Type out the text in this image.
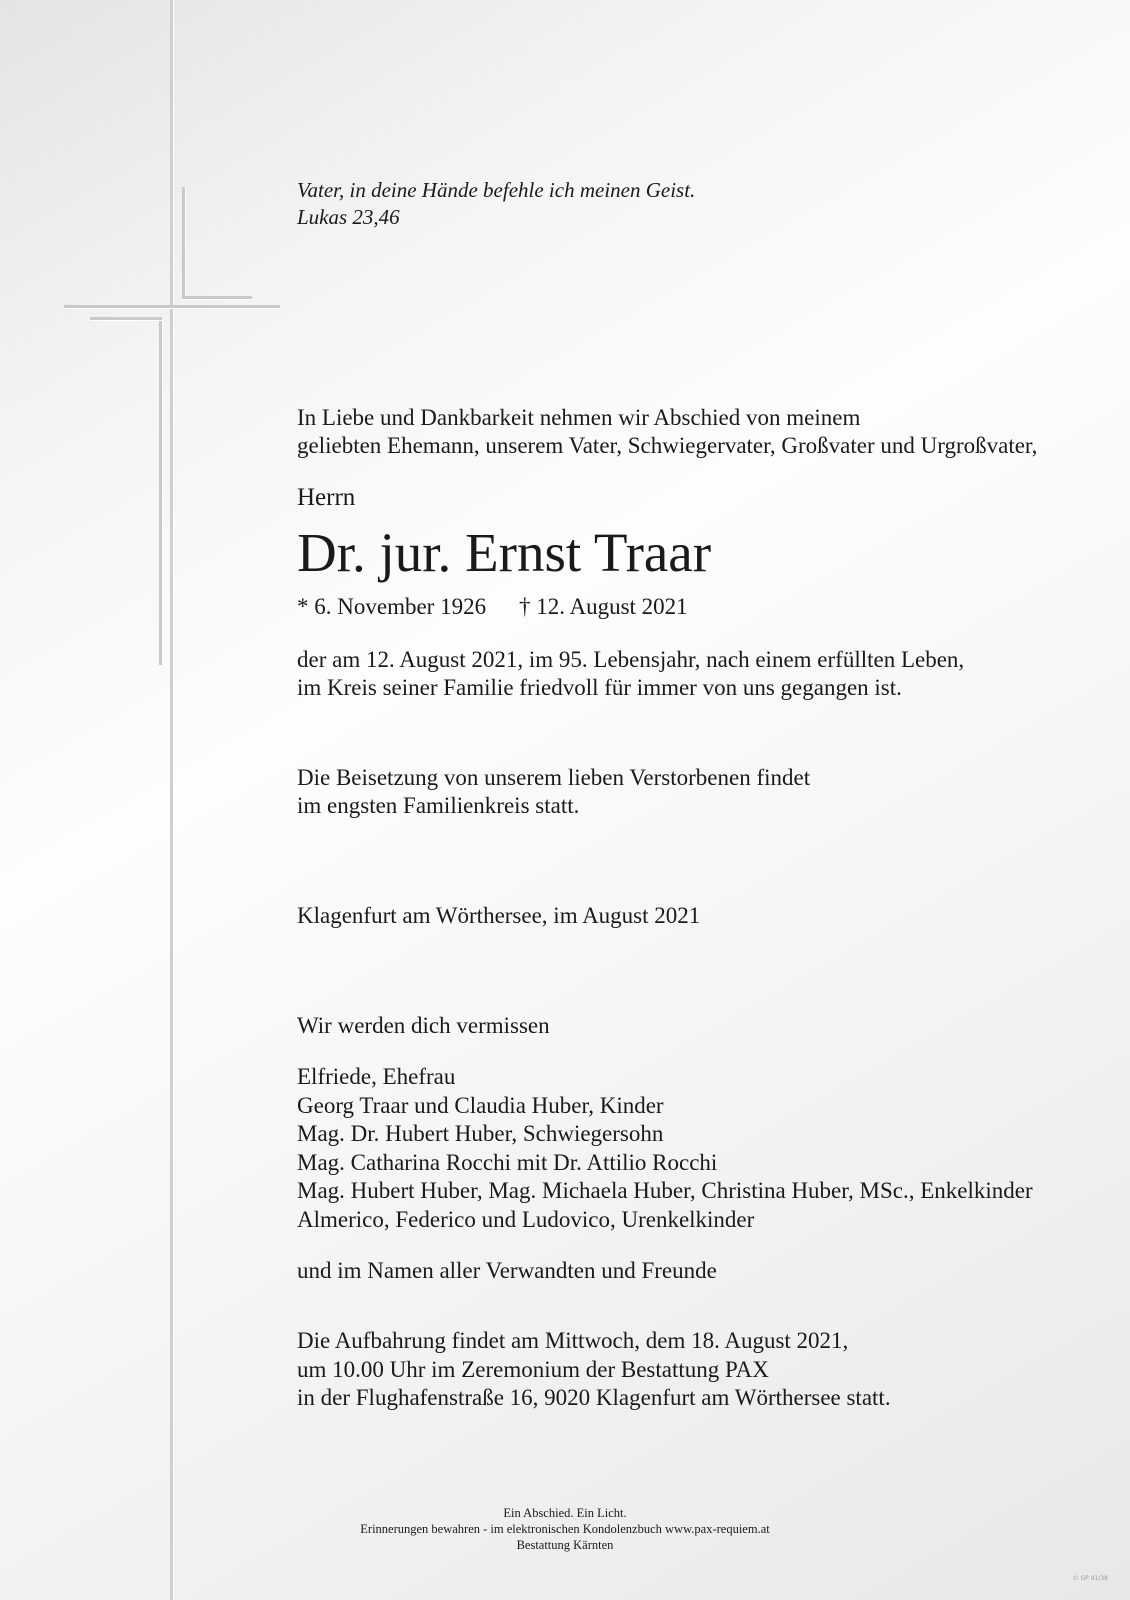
Vater, in deine Hände befehle ich meinen Geist.
Lukas 23,46
In Liebe und Dankbarkeit nehmen wir Abschied von meinem
geliebten Ehemann, unserem Vater, Schwiegervater, Großvater und Urgroßvater,
Herrn
Dr. jur. Ernst Traar
* 6. November 1926 † 12. August 2021
der am 12. August 2021, im 95. Lebensjahr, nach einem erfüllten Leben,
im Kreis seiner Familie friedvoll für immer von uns gegangen ist.
Die Beisetzung von unserem lieben Verstorbenen findet
im engsten Familienkreis statt.
Klagenfurt am Wörthersee, im August 2021
Wir werden dich vermissen
Elfriede, Ehefrau
Georg Traar und Claudia Huber, Kinder
Mag. Dr. Hubert Huber, Schwiegersohn
Mag. Catharina Rocchi mit Dr. Attilio Rocchi
Mag. Hubert Huber, Mag. Michaela Huber, Christina Huber, MSc., Enkelkinder
Almerico, Federico und Ludovico, Urenkelkinder
und im Namen aller Verwandten und Freunde
Die Aufbahrung findet am Mittwoch, dem 18. August 2021,
um 10.00 Uhr im Zeremonium der Bestattung PAX
in der Flughafenstraße 16, 9020 Klagenfurt am Wörthersee statt.
Ein Abschied. Ein Licht.
Erinnerungen bewahren - im elektronischen Kondolenzbuch www.pax-requiem.at
Bestattung Kärnten
© GP 91/38
